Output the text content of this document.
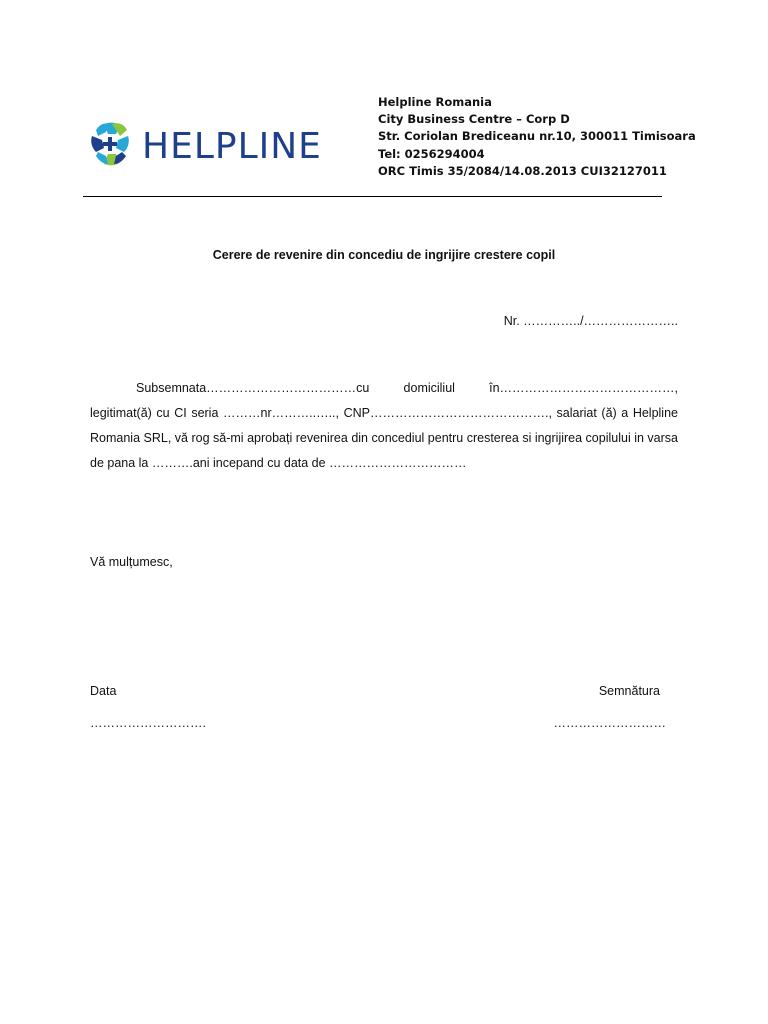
HELPLINE
Helpline Romania
City Business Centre – Corp D
Str. Coriolan Brediceanu nr.10, 300011 Timisoara
Tel: 0256294004
ORC Timis 35/2084/14.08.2013 CUI32127011
Cerere de revenire din concediu de ingrijire crestere copil
Nr. …………../…………………..
Subsemnata………………………………cu domiciliul în……………………………………, legitimat(ă) cu CI seria ………nr………..….., CNP……………………………………., salariat (ă) a Helpline Romania SRL, vă rog să-mi aprobați revenirea din concediul pentru cresterea si ingrijirea copilului in varsa de pana la ……….ani incepand cu data de ……………………………
Vă mulțumesc,
Data
……………………….
Semnătura
………………………
